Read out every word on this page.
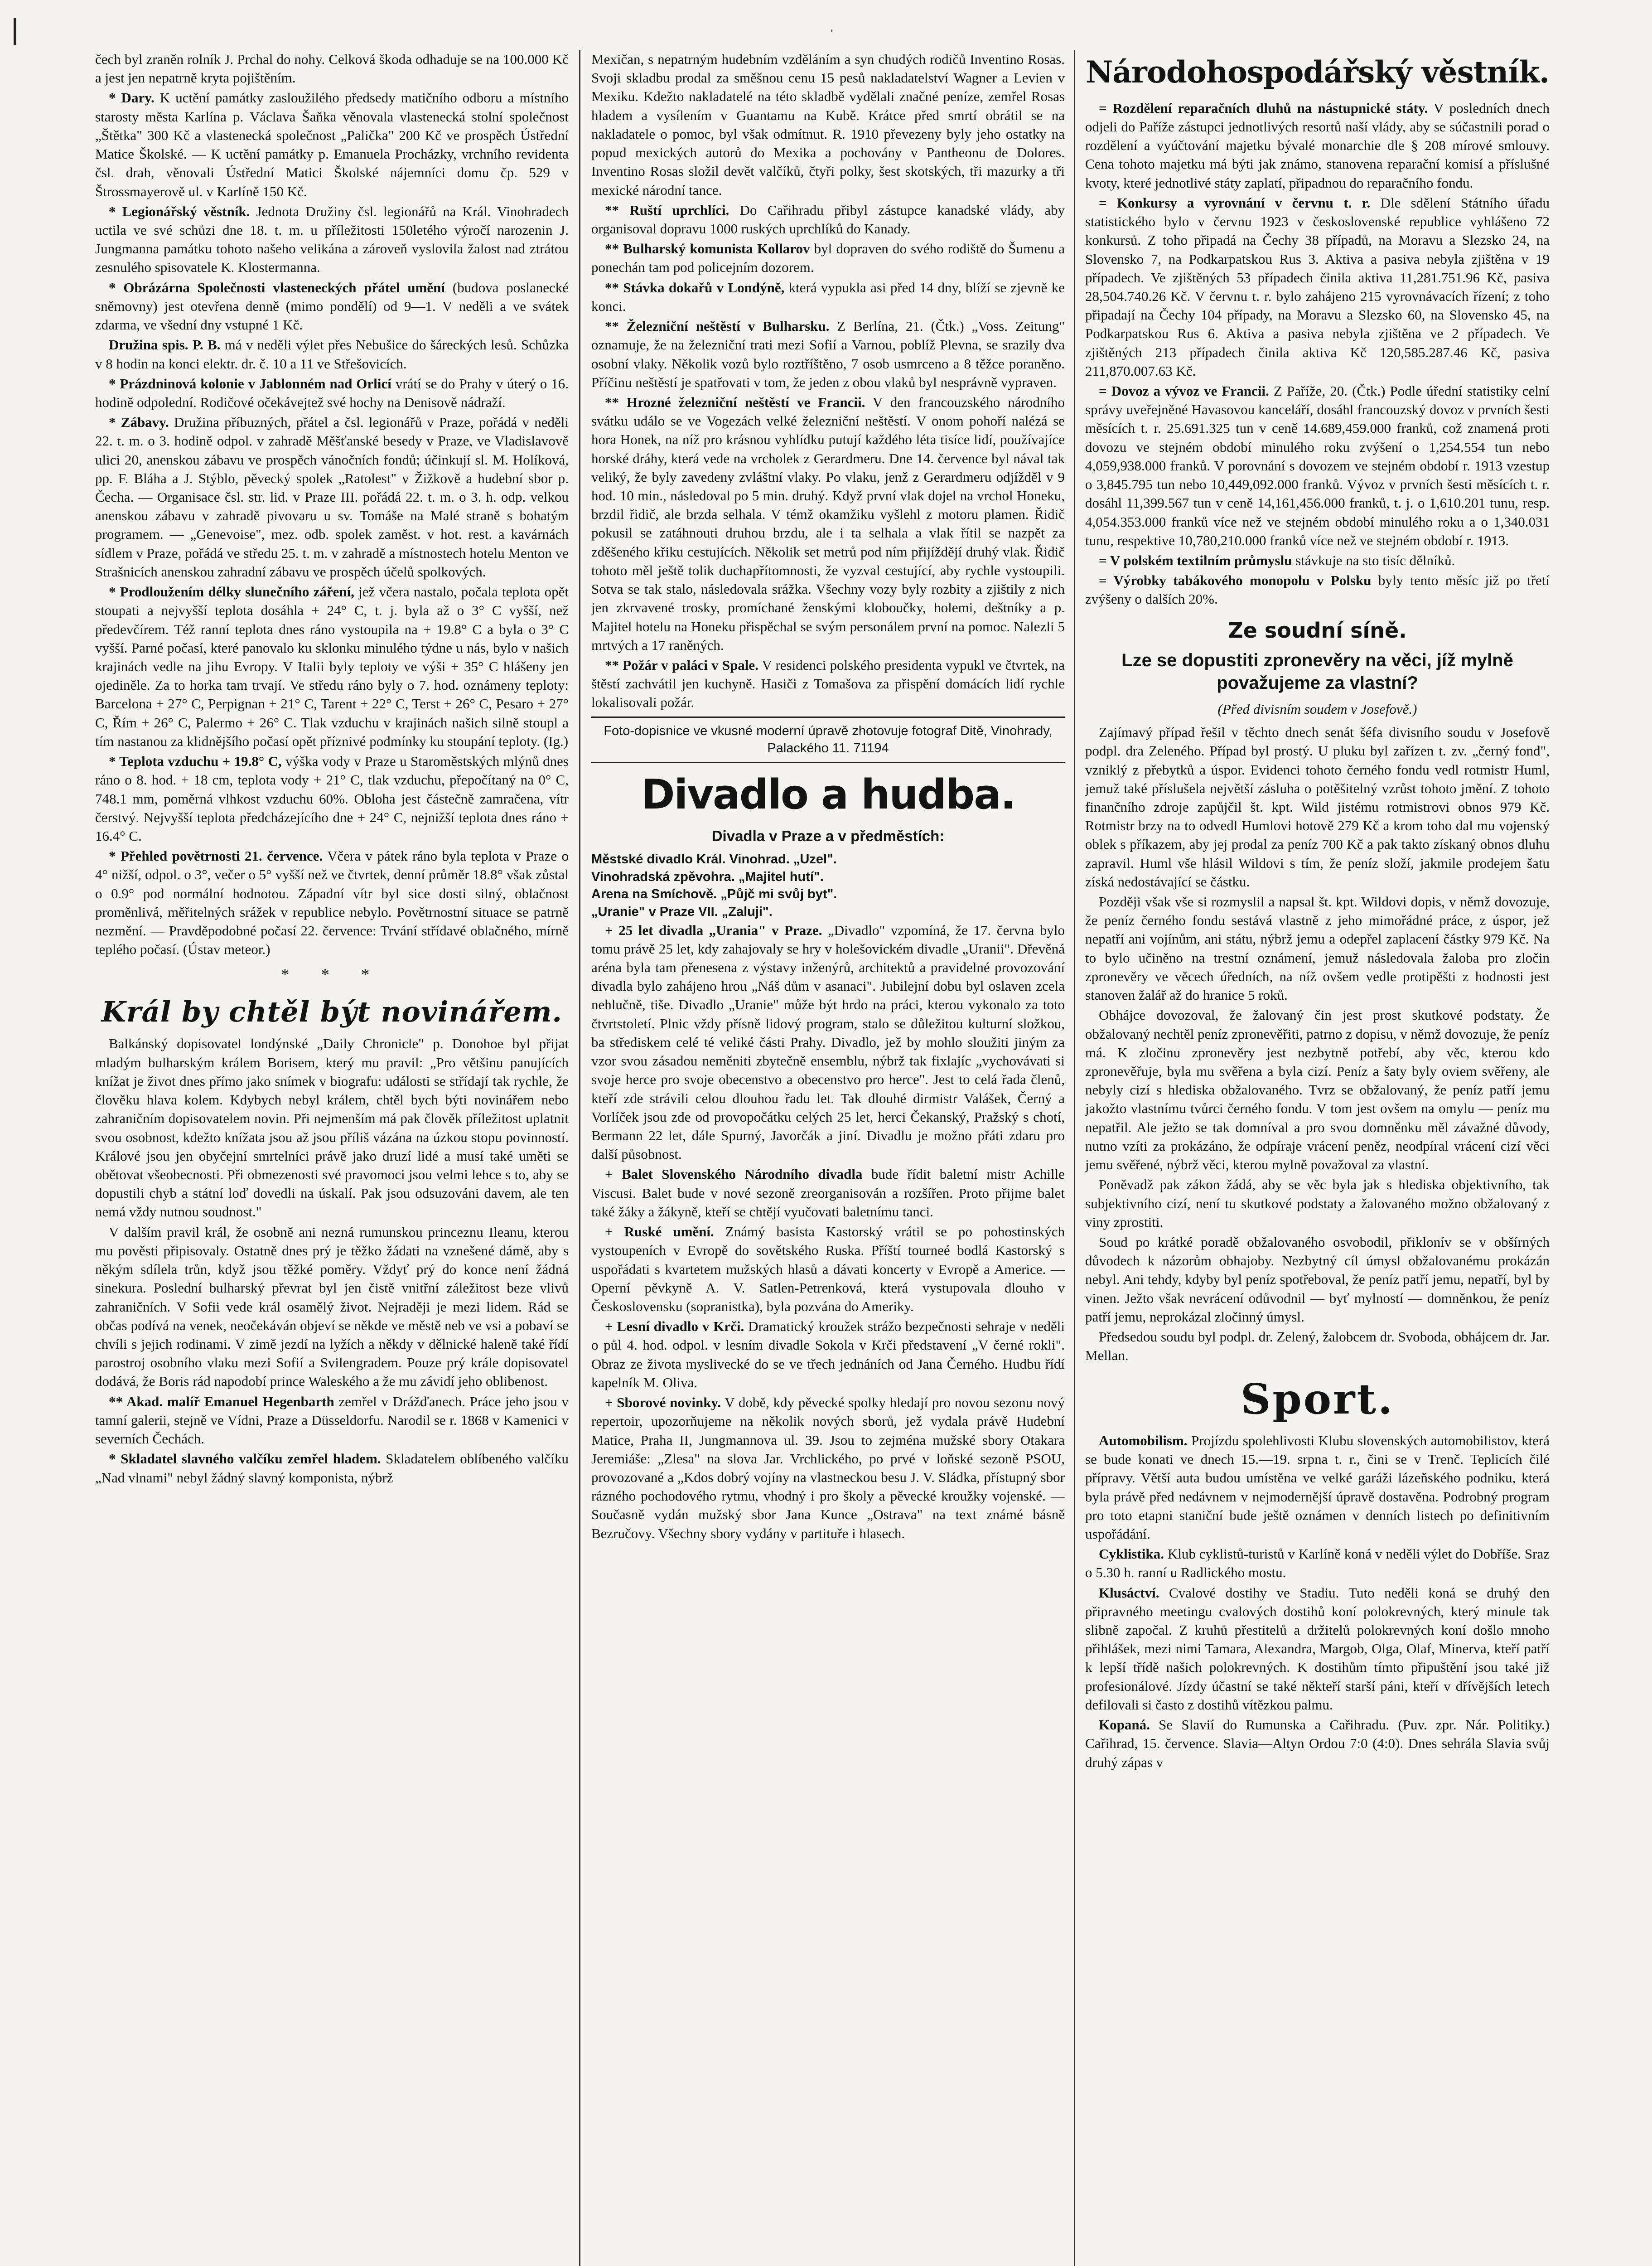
ˌ

čech byl zraněn rolník J. Prchal do nohy. Celková škoda odhaduje se na 100.000 Kč a jest jen nepatrně kryta pojištěním.

* Dary. K uctění památky zasloužilého předsedy matičního odboru a místního starosty města Karlína p. Václava Šaňka věnovala vlastenecká stolní společnost „Štětka" 300 Kč a vlastenecká společnost „Palička" 200 Kč ve prospěch Ústřední Matice Školské. — K uctění památky p. Emanuela Procházky, vrchního revidenta čsl. drah, věnovali Ústřední Matici Školské nájemníci domu čp. 529 v Štrossmayerově ul. v Karlíně 150 Kč.

* Legionářský věstník. Jednota Družiny čsl. legionářů na Král. Vinohradech uctila ve své schůzi dne 18. t. m. u příležitosti 150letého výročí narozenin J. Jungmanna památku tohoto našeho velikána a zároveň vyslovila žalost nad ztrátou zesnulého spisovatele K. Klostermanna.

* Obrázárna Společnosti vlasteneckých přátel umění (budova poslanecké sněmovny) jest otevřena denně (mimo pondělí) od 9—1. V neděli a ve svátek zdarma, ve všední dny vstupné 1 Kč.

Družina spis. P. B. má v neděli výlet přes Nebušice do šáreckých lesů. Schůzka v 8 hodin na konci elektr. dr. č. 10 a 11 ve Střešovicích.

* Prázdninová kolonie v Jablonném nad Orlicí vrátí se do Prahy v úterý o 16. hodině odpolední. Rodičové očekávejtež své hochy na Denisově nádraží.

* Zábavy. Družina příbuzných, přátel a čsl. legionářů v Praze, pořádá v neděli 22. t. m. o 3. hodině odpol. v zahradě Měšťanské besedy v Praze, ve Vladislavově ulici 20, anenskou zábavu ve prospěch vánočních fondů; účinkují sl. M. Holíková, pp. F. Bláha a J. Stýblo, pěvecký spolek „Ratolest" v Žižkově a hudební sbor p. Čecha. — Organisace čsl. str. lid. v Praze III. pořádá 22. t. m. o 3. h. odp. velkou anenskou zábavu v zahradě pivovaru u sv. Tomáše na Malé straně s bohatým programem. — „Genevoise", mez. odb. spolek zaměst. v hot. rest. a kavárnách sídlem v Praze, pořádá ve středu 25. t. m. v zahradě a místnostech hotelu Menton ve Strašnicích anenskou zahradní zábavu ve prospěch účelů spolkových.

* Prodloužením délky slunečního záření, jež včera nastalo, počala teplota opět stoupati a nejvyšší teplota dosáhla + 24° C, t. j. byla až o 3° C vyšší, než předevčírem. Též ranní teplota dnes ráno vystoupila na + 19.8° C a byla o 3° C vyšší. Parné počasí, které panovalo ku sklonku minulého týdne u nás, bylo v našich krajinách vedle na jihu Evropy. V Italii byly teploty ve výši + 35° C hlášeny jen ojediněle. Za to horka tam trvají. Ve středu ráno byly o 7. hod. oznámeny teploty: Barcelona + 27° C, Perpignan + 21° C, Tarent + 22° C, Terst + 26° C, Pesaro + 27° C, Řím + 26° C, Palermo + 26° C. Tlak vzduchu v krajinách našich silně stoupl a tím nastanou za klidnějšího počasí opět příznivé podmínky ku stoupání teploty. (Ig.)

* Teplota vzduchu + 19.8° C, výška vody v Praze u Staroměstských mlýnů dnes ráno o 8. hod. + 18 cm, teplota vody + 21° C, tlak vzduchu, přepočítaný na 0° C, 748.1 mm, poměrná vlhkost vzduchu 60%. Obloha jest částečně zamračena, vítr čerstvý. Nejvyšší teplota předcházejícího dne + 24° C, nejnižší teplota dnes ráno + 16.4° C.

* Přehled povětrnosti 21. července. Včera v pátek ráno byla teplota v Praze o 4° nižší, odpol. o 3°, večer o 5° vyšší než ve čtvrtek, denní průměr 18.8° však zůstal o 0.9° pod normální hodnotou. Západní vítr byl sice dosti silný, oblačnost proměnlivá, měřitelných srážek v republice nebylo. Povětrnostní situace se patrně nezmění. — Pravděpodobné počasí 22. července: Trvání střídavé oblačného, mírně teplého počasí. (Ústav meteor.)

* * *
Král by chtěl být novinářem.

Balkánský dopisovatel londýnské „Daily Chronicle" p. Donohoe byl přijat mladým bulharským králem Borisem, který mu pravil: „Pro většinu panujících knížat je život dnes přímo jako snímek v biografu: události se střídají tak rychle, že člověku hlava kolem. Kdybych nebyl králem, chtěl bych býti novinářem nebo zahraničním dopisovatelem novin. Při nejmenším má pak člověk příležitost uplatnit svou osobnost, kdežto knížata jsou až jsou příliš vázána na úzkou stopu povinností. Králové jsou jen obyčejní smrtelníci právě jako druzí lidé a musí také uměti se obětovat všeobecnosti. Při obmezenosti své pravomoci jsou velmi lehce s to, aby se dopustili chyb a státní loď dovedli na úskalí. Pak jsou odsuzováni davem, ale ten nemá vždy nutnou soudnost."

V dalším pravil král, že osobně ani nezná rumunskou princeznu Ileanu, kterou mu pověsti připisovaly. Ostatně dnes prý je těžko žádati na vznešené dámě, aby s někým sdílela trůn, když jsou těžké poměry. Vždyť prý do konce není žádná sinekura. Poslední bulharský převrat byl jen čistě vnitřní záležitost beze vlivů zahraničních. V Sofii vede král osamělý život. Nejraději je mezi lidem. Rád se občas podívá na venek, neočekáván objeví se někde ve městě neb ve vsi a pobaví se chvíli s jejich rodinami. V zimě jezdí na lyžích a někdy v dělnické haleně také řídí parostroj osobního vlaku mezi Sofií a Svilengradem. Pouze prý krále dopisovatel dodává, že Boris rád napodobí prince Waleského a že mu závidí jeho oblibenost.

** Akad. malíř Emanuel Hegenbarth zemřel v Drážďanech. Práce jeho jsou v tamní galerii, stejně ve Vídni, Praze a Düsseldorfu. Narodil se r. 1868 v Kamenici v severních Čechách.

* Skladatel slavného valčíku zemřel hladem. Skladatelem oblíbeného valčíku „Nad vlnami" nebyl žádný slavný komponista, nýbrž

Mexičan, s nepatrným hudebním vzděláním a syn chudých rodičů Inventino Rosas. Svoji skladbu prodal za směšnou cenu 15 pesů nakladatelství Wagner a Levien v Mexiku. Kdežto nakladatelé na této skladbě vydělali značné peníze, zemřel Rosas hladem a vysílením v Guantamu na Kubě. Krátce před smrtí obrátil se na nakladatele o pomoc, byl však odmítnut. R. 1910 převezeny byly jeho ostatky na popud mexických autorů do Mexika a pochovány v Pantheonu de Dolores. Inventino Rosas složil devět valčíků, čtyři polky, šest skotských, tři mazurky a tři mexické národní tance.

** Ruští uprchlíci. Do Cařihradu přibyl zástupce kanadské vlády, aby organisoval dopravu 1000 ruských uprchlíků do Kanady.

** Bulharský komunista Kollarov byl dopraven do svého rodiště do Šumenu a ponechán tam pod policejním dozorem.

** Stávka dokařů v Londýně, která vypukla asi před 14 dny, blíží se zjevně ke konci.

** Železniční neštěstí v Bulharsku. Z Berlína, 21. (Čtk.) „Voss. Zeitung" oznamuje, že na železniční trati mezi Sofií a Varnou, poblíž Plevna, se srazily dva osobní vlaky. Několik vozů bylo roztříštěno, 7 osob usmrceno a 8 těžce poraněno. Příčinu neštěstí je spatřovati v tom, že jeden z obou vlaků byl nesprávně vypraven.

** Hrozné železniční neštěstí ve Francii. V den francouzského národního svátku událo se ve Vogezách velké železniční neštěstí. V onom pohoří nalézá se hora Honek, na níž pro krásnou vyhlídku putují každého léta tisíce lidí, používajíce horské dráhy, která vede na vrcholek z Gerardmeru. Dne 14. července byl nával tak veliký, že byly zavedeny zvláštní vlaky. Po vlaku, jenž z Gerardmeru odjížděl v 9 hod. 10 min., následoval po 5 min. druhý. Když první vlak dojel na vrchol Honeku, brzdil řidič, ale brzda selhala. V témž okamžiku vyšlehl z motoru plamen. Řidič pokusil se zatáhnouti druhou brzdu, ale i ta selhala a vlak řítil se nazpět za zděšeného křiku cestujících. Několik set metrů pod ním přijíždějí druhý vlak. Řidič tohoto měl ještě tolik duchapřítomnosti, že vyzval cestující, aby rychle vystoupili. Sotva se tak stalo, následovala srážka. Všechny vozy byly rozbity a zjištily z nich jen zkrvavené trosky, promíchané ženskými kloboučky, holemi, deštníky a p. Majitel hotelu na Honeku přispěchal se svým personálem první na pomoc. Nalezli 5 mrtvých a 17 raněných.

** Požár v paláci v Spale. V residenci polského presidenta vypukl ve čtvrtek, na štěstí zachvátil jen kuchyně. Hasiči z Tomašova za přispění domácích lidí rychle lokalisovali požár.

Foto-dopisnice ve vkusné moderní úpravě zhotovuje fotograf Ditě, Vinohrady, Palackého 11. 71194
Divadlo a hudba.
Divadla v Praze a v předměstích:

Městské divadlo Král. Vinohrad. „Uzel".

Vinohradská zpěvohra. „Majitel hutí".

Arena na Smíchově. „Půjč mi svůj byt".

„Uranie" v Praze VII. „Zaluji".

+ 25 let divadla „Urania" v Praze. „Divadlo" vzpomíná, že 17. června bylo tomu právě 25 let, kdy zahajovaly se hry v holešovickém divadle „Uranii". Dřevěná aréna byla tam přenesena z výstavy inženýrů, architektů a pravidelné provozování divadla bylo zahájeno hrou „Náš dům v asanaci". Jubilejní dobu byl oslaven zcela nehlučně, tiše. Divadlo „Uranie" může být hrdo na práci, kterou vykonalo za toto čtvrtstoletí. Plnic vždy přísně lidový program, stalo se důležitou kulturní složkou, ba střediskem celé té veliké části Prahy. Divadlo, jež by mohlo sloužiti jiným za vzor svou zásadou neměniti zbytečně ensemblu, nýbrž tak fixlajíc „vychovávati si svoje herce pro svoje obecenstvo a obecenstvo pro herce". Jest to celá řada členů, kteří zde strávili celou dlouhou řadu let. Tak dlouhé dirmistr Valášek, Černý a Vorlíček jsou zde od provopočátku celých 25 let, herci Čekanský, Pražský s chotí, Bermann 22 let, dále Spurný, Javorčák a jiní. Divadlu je možno přáti zdaru pro další působnost.

+ Balet Slovenského Národního divadla bude řídit baletní mistr Achille Viscusi. Balet bude v nové sezoně zreorganisován a rozšířen. Proto přijme balet také žáky a žákyně, kteří se chtějí vyučovati baletnímu tanci.

+ Ruské umění. Známý basista Kastorský vrátil se po pohostinských vystoupeních v Evropě do sovětského Ruska. Příští tourneé bodlá Kastorský s uspořádati s kvartetem mužských hlasů a dávati koncerty v Evropě a Americe. — Operní pěvkyně A. V. Satlen-Petrenková, která vystupovala dlouho v Československu (sopranistka), byla pozvána do Ameriky.

+ Lesní divadlo v Krči. Dramatický kroužek strážo bezpečnosti sehraje v neděli o půl 4. hod. odpol. v lesním divadle Sokola v Krči představení „V černé rokli". Obraz ze života myslivecké do se ve třech jednáních od Jana Černého. Hudbu řídí kapelník M. Oliva.

+ Sborové novinky. V době, kdy pěvecké spolky hledají pro novou sezonu nový repertoir, upozorňujeme na několik nových sborů, jež vydala právě Hudební Matice, Praha II, Jungmannova ul. 39. Jsou to zejména mužské sbory Otakara Jeremiáše: „Zlesa" na slova Jar. Vrchlického, po prvé v loňské sezoně PSOU, provozované a „Kdos dobrý vojíny na vlastneckou besu J. V. Sládka, přístupný sbor rázného pochodového rytmu, vhodný i pro školy a pěvecké kroužky vojenské. — Současně vydán mužský sbor Jana Kunce „Ostrava" na text známé básně Bezručovy. Všechny sbory vydány v partituře i hlasech.

Národohospodářský věstník.

= Rozdělení reparačních dluhů na nástupnické státy. V posledních dnech odjeli do Paříže zástupci jednotlivých resortů naší vlády, aby se súčastnili porad o rozdělení a vyúčtování majetku bývalé monarchie dle § 208 mírové smlouvy. Cena tohoto majetku má býti jak známo, stanovena reparační komisí a příslušné kvoty, které jednotlivé státy zaplatí, připadnou do reparačního fondu.

= Konkursy a vyrovnání v červnu t. r. Dle sdělení Státního úřadu statistického bylo v červnu 1923 v československé republice vyhlášeno 72 konkursů. Z toho připadá na Čechy 38 případů, na Moravu a Slezsko 24, na Slovensko 7, na Podkarpatskou Rus 3. Aktiva a pasiva nebyla zjištěna v 19 případech. Ve zjištěných 53 případech činila aktiva 11,281.751.96 Kč, pasiva 28,504.740.26 Kč. V červnu t. r. bylo zahájeno 215 vyrovnávacích řízení; z toho připadají na Čechy 104 případy, na Moravu a Slezsko 60, na Slovensko 45, na Podkarpatskou Rus 6. Aktiva a pasiva nebyla zjištěna ve 2 případech. Ve zjištěných 213 případech činila aktiva Kč 120,585.287.46 Kč, pasiva 211,870.007.63 Kč.

= Dovoz a vývoz ve Francii. Z Paříže, 20. (Čtk.) Podle úřední statistiky celní správy uveřejněné Havasovou kanceláří, dosáhl francouzský dovoz v prvních šesti měsících t. r. 25.691.325 tun v ceně 14.689,459.000 franků, což znamená proti dovozu ve stejném období minulého roku zvýšení o 1,254.554 tun nebo 4,059,938.000 franků. V porovnání s dovozem ve stejném období r. 1913 vzestup o 3,845.795 tun nebo 10,449,092.000 franků. Vývoz v prvních šesti měsících t. r. dosáhl 11,399.567 tun v ceně 14,161,456.000 franků, t. j. o 1,610.201 tunu, resp. 4,054.353.000 franků více než ve stejném období minulého roku a o 1,340.031 tunu, respektive 10,780,210.000 franků více než ve stejném období r. 1913.

= V polském textilním průmyslu stávkuje na sto tisíc dělníků.

= Výrobky tabákového monopolu v Polsku byly tento měsíc již po třetí zvýšeny o dalších 20%.

Ze soudní síně.
Lze se dopustiti zpronevěry na věci, jíž mylně považujeme za vlastní?
(Před divisním soudem v Josefově.)

Zajímavý případ řešil v těchto dnech senát šéfa divisního soudu v Josefově podpl. dra Zeleného. Případ byl prostý. U pluku byl zařízen t. zv. „černý fond", vzniklý z přebytků a úspor. Evidenci tohoto černého fondu vedl rotmistr Huml, jemuž také příslušela největší zásluha o potěšitelný vzrůst tohoto jmění. Z tohoto finančního zdroje zapůjčil št. kpt. Wild jistému rotmistrovi obnos 979 Kč. Rotmistr brzy na to odvedl Humlovi hotově 279 Kč a krom toho dal mu vojenský oblek s příkazem, aby jej prodal za peníz 700 Kč a pak takto získaný obnos dluhu zapravil. Huml vše hlásil Wildovi s tím, že peníz složí, jakmile prodejem šatu získá nedostávající se částku.

Později však vše si rozmyslil a napsal št. kpt. Wildovi dopis, v němž dovozuje, že peníz černého fondu sestává vlastně z jeho mimořádné práce, z úspor, jež nepatří ani vojínům, ani státu, nýbrž jemu a odepřel zaplacení částky 979 Kč. Na to bylo učiněno na trestní oznámení, jemuž následovala žaloba pro zločin zpronevěry ve věcech úředních, na níž ovšem vedle protipěšti z hodnosti jest stanoven žalář až do hranice 5 roků.

Obhájce dovozoval, že žalovaný čin jest prost skutkové podstaty. Že obžalovaný nechtěl peníz zpronevěřiti, patrno z dopisu, v němž dovozuje, že peníz má. K zločinu zpronevěry jest nezbytně potřebí, aby věc, kterou kdo zpronevěřuje, byla mu svěřena a byla cizí. Peníz a šaty byly oviem svěřeny, ale nebyly cizí s hlediska obžalovaného. Tvrz se obžalovaný, že peníz patří jemu jakožto vlastnímu tvůrci černého fondu. V tom jest ovšem na omylu — peníz mu nepatřil. Ale ježto se tak domníval a pro svou domněnku měl závažné důvody, nutno vzíti za prokázáno, že odpíraje vrácení peněz, neodpíral vrácení cizí věci jemu svěřené, nýbrž věci, kterou mylně považoval za vlastní.

Poněvadž pak zákon žádá, aby se věc byla jak s hlediska objektivního, tak subjektivního cizí, není tu skutkové podstaty a žalovaného možno obžalovaný z viny zprostiti.

Soud po krátké poradě obžalovaného osvobodil, přiklonív se v obšírných důvodech k názorům obhajoby. Nezbytný cíl úmysl obžalovanému prokázán nebyl. Ani tehdy, kdyby byl peníz spotřeboval, že peníz patří jemu, nepatří, byl by vinen. Ježto však nevrácení odůvodnil — byť mylností — domněnkou, že peníz patří jemu, neprokázal zločinný úmysl.

Předsedou soudu byl podpl. dr. Zelený, žalobcem dr. Svoboda, obhájcem dr. Jar. Mellan.

Sport.

Automobilism. Projízdu spolehlivosti Klubu slovenských automobilistov, která se bude konati ve dnech 15.—19. srpna t. r., čini se v Trenč. Teplicích čilé přípravy. Větší auta budou umístěna ve velké garáži lázeňského podniku, která byla právě před nedávnem v nejmodernější úpravě dostavěna. Podrobný program pro toto etapni staniční bude ještě oznámen v denních listech po definitivním uspořádání.

Cyklistika. Klub cyklistů-turistů v Karlíně koná v neděli výlet do Dobříše. Sraz o 5.30 h. ranní u Radlického mostu.

Klusáctví. Cvalové dostihy ve Stadiu. Tuto neděli koná se druhý den připravného meetingu cvalových dostihů koní polokrevných, který minule tak slibně započal. Z kruhů přestitelů a držitelů polokrevných koní došlo mnoho přihlášek, mezi nimi Tamara, Alexandra, Margob, Olga, Olaf, Minerva, kteří patří k lepší třídě našich polokrevných. K dostihům tímto připuštění jsou také již profesionálové. Jízdy účastní se také někteří starší páni, kteří v dřívějších letech defilovali si často z dostihů vítězkou palmu.

Kopaná. Se Slavií do Rumunska a Cařihradu. (Puv. zpr. Nár. Politiky.) Cařihrad, 15. července. Slavia—Altyn Ordou 7:0 (4:0). Dnes sehrála Slavia svůj druhý zápas v
